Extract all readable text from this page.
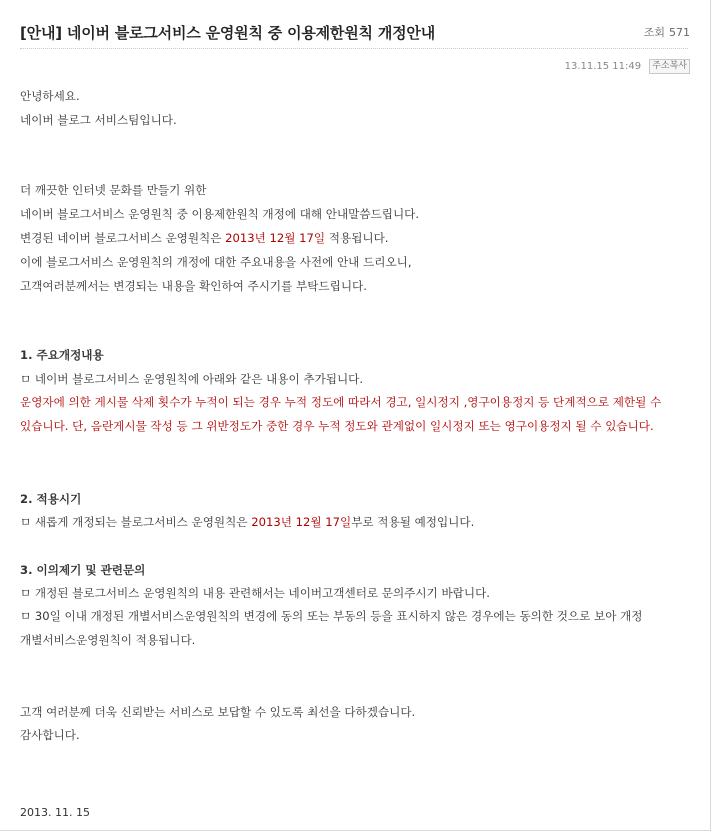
[안내] 네이버 블로그서비스 운영원칙 중 이용제한원칙 개정안내	조회 571
13.11.15 11:49 주소복사
안녕하세요.
네이버 블로그 서비스팀입니다.
더 깨끗한 인터넷 문화를 만들기 위한
네이버 블로그서비스 운영원칙 중 이용제한원칙 개정에 대해 안내말씀드립니다.
변경된 네이버 블로그서비스 운영원칙은 2013년 12월 17일 적용됩니다.
이에 블로그서비스 운영원칙의 개정에 대한 주요내용을 사전에 안내 드리오니,
고객여러분께서는 변경되는 내용을 확인하여 주시기를 부탁드립니다.
1. 주요개정내용
ㅁ 네이버 블로그서비스 운영원칙에 아래와 같은 내용이 추가됩니다.
운영자에 의한 게시물 삭제 횟수가 누적이 되는 경우 누적 정도에 따라서 경고, 일시정지 ,영구이용정지 등 단계적으로 제한될 수 있습니다. 단, 음란게시물 작성 등 그 위반정도가 중한 경우 누적 정도와 관계없이 일시정지 또는 영구이용정지 될 수 있습니다.
2. 적용시기
ㅁ 새롭게 개정되는 블로그서비스 운영원칙은 2013년 12월 17일부로 적용될 예정입니다.
3. 이의제기 및 관련문의
ㅁ 개정된 블로그서비스 운영원칙의 내용 관련해서는 네이버고객센터로 문의주시기 바랍니다.
ㅁ 30일 이내 개정된 개별서비스운영원칙의 변경에 동의 또는 부동의 등을 표시하지 않은 경우에는 동의한 것으로 보아 개정 개별서비스운영원칙이 적용됩니다.
고객 여러분께 더욱 신뢰받는 서비스로 보답할 수 있도록 최선을 다하겠습니다.
감사합니다.
2013. 11. 15
